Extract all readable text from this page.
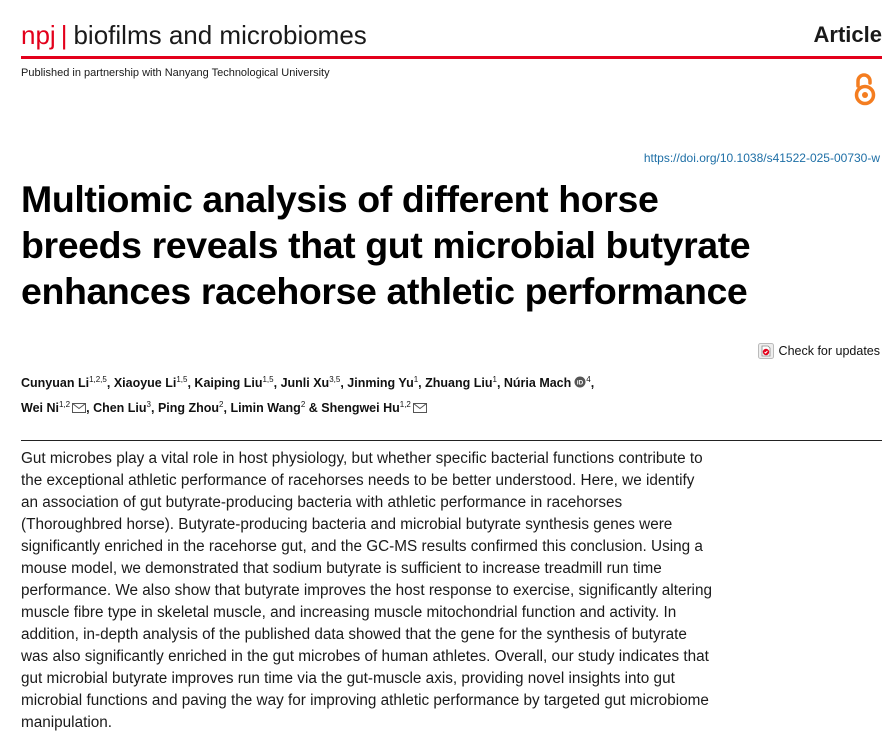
npj | biofilms and microbiomes	Article
Published in partnership with Nanyang Technological University
https://doi.org/10.1038/s41522-025-00730-w
Multiomic analysis of different horse
breeds reveals that gut microbial butyrate
enhances racehorse athletic performance
Check for updates
Cunyuan Li$^{1,2,5}$, Xiaoyue Li$^{1,5}$, Kaiping Liu$^{1,5}$, Junli Xu$^{3,5}$, Jinming Yu$^1$, Zhuang Liu$^1$, Núria Mach iD $^4$,
Wei Ni$^{1,2}$ , Chen Liu$^3$, Ping Zhou$^2$, Limin Wang$^2$ & Shengwei Hu$^{1,2}$
Gut microbes play a vital role in host physiology, but whether specific bacterial functions contribute to
the exceptional athletic performance of racehorses needs to be better understood. Here, we identify
an association of gut butyrate-producing bacteria with athletic performance in racehorses
(Thoroughbred horse). Butyrate-producing bacteria and microbial butyrate synthesis genes were
significantly enriched in the racehorse gut, and the GC-MS results confirmed this conclusion. Using a
mouse model, we demonstrated that sodium butyrate is sufficient to increase treadmill run time
performance. We also show that butyrate improves the host response to exercise, significantly altering
muscle fibre type in skeletal muscle, and increasing muscle mitochondrial function and activity. In
addition, in-depth analysis of the published data showed that the gene for the synthesis of butyrate
was also significantly enriched in the gut microbes of human athletes. Overall, our study indicates that
gut microbial butyrate improves run time via the gut-muscle axis, providing novel insights into gut
microbial functions and paving the way for improving athletic performance by targeted gut microbiome
manipulation.
